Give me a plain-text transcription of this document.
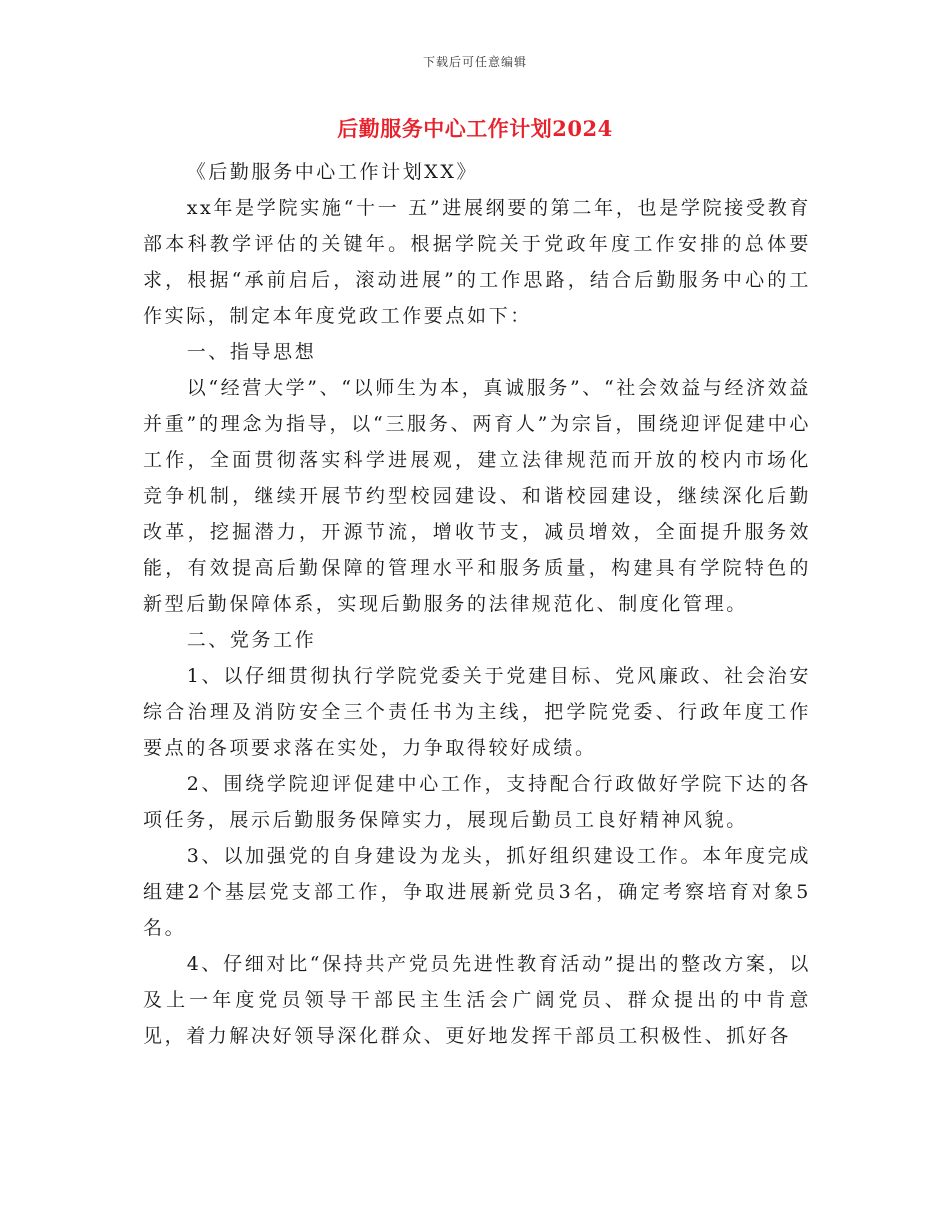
下载后可任意编辑
后勤服务中心工作计划2024

《后勤服务中心工作计划XX》

xx年是学院实施“十一 五”进展纲要的第二年，也是学院接受教育部本科教学评估的关键年。根据学院关于党政年度工作安排的总体要求，根据“承前启后，滚动进展”的工作思路，结合后勤服务中心的工作实际，制定本年度党政工作要点如下：

一、指导思想

以“经营大学”、“以师生为本，真诚服务”、“社会效益与经济效益并重”的理念为指导，以“三服务、两育人”为宗旨，围绕迎评促建中心工作，全面贯彻落实科学进展观，建立法律规范而开放的校内市场化竞争机制，继续开展节约型校园建设、和谐校园建设，继续深化后勤改革，挖掘潜力，开源节流，增收节支，减员增效，全面提升服务效能，有效提高后勤保障的管理水平和服务质量，构建具有学院特色的新型后勤保障体系，实现后勤服务的法律规范化、制度化管理。

二、党务工作

1、以仔细贯彻执行学院党委关于党建目标、党风廉政、社会治安综合治理及消防安全三个责任书为主线，把学院党委、行政年度工作要点的各项要求落在实处，力争取得较好成绩。

2、围绕学院迎评促建中心工作，支持配合行政做好学院下达的各项任务，展示后勤服务保障实力，展现后勤员工良好精神风貌。

3、以加强党的自身建设为龙头，抓好组织建设工作。本年度完成组建2个基层党支部工作，争取进展新党员3名，确定考察培育对象5名。

4、仔细对比“保持共产党员先进性教育活动”提出的整改方案，以及上一年度党员领导干部民主生活会广阔党员、群众提出的中肯意见，着力解决好领导深化群众、更好地发挥干部员工积极性、抓好各
